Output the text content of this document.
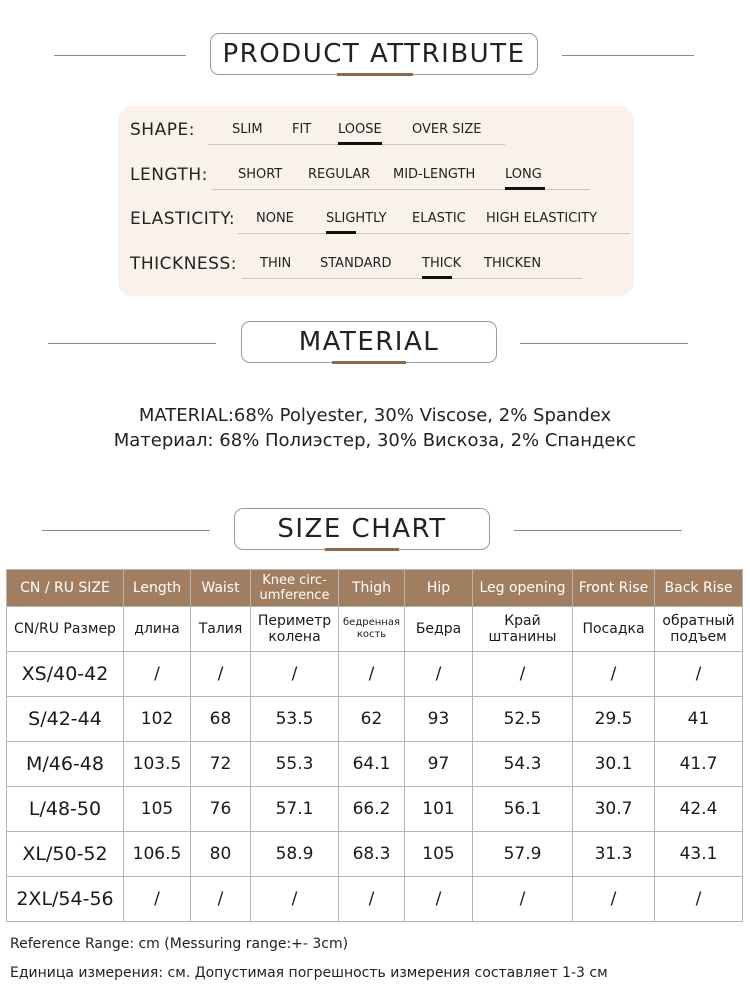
PRODUCT ATTRIBUTE
SHAPE:	SLIM FIT LOOSE OVER SIZE
LENGTH: SHORT REGULAR MID-LENGTH LONG
ELASTICITY: NONE SLIGHTLY ELASTIC HIGH ELASTICITY
THICKNESS: THIN STANDARD THICK THICKEN
MATERIAL
MATERIAL:68% Polyester, 30% Viscose, 2% Spandex
Материал: 68% Полиэстер, 30% Вискоза, 2% Спандекс
SIZE CHART
CN / RU SIZE	Length	Waist	Knee circ-umference	Thigh	Hip	Leg opening	Front Rise	Back Rise
CN/RU Размер	длина	Талия	Периметр колена	бедренная кость	Бедра	Край штанины	Посадка	обратный подъем
XS/40-42	/	/	/	/	/	/	/	/
S/42-44	102	68	53.5	62	93	52.5	29.5	41
M/46-48	103.5	72	55.3	64.1	97	54.3	30.1	41.7
L/48-50	105	76	57.1	66.2	101	56.1	30.7	42.4
XL/50-52	106.5	80	58.9	68.3	105	57.9	31.3	43.1
2XL/54-56	/	/	/	/	/	/	/	/
Reference Range: cm (Messuring range:+- 3cm)
Единица измерения: см. Допустимая погрешность измерения составляет 1-3 см
